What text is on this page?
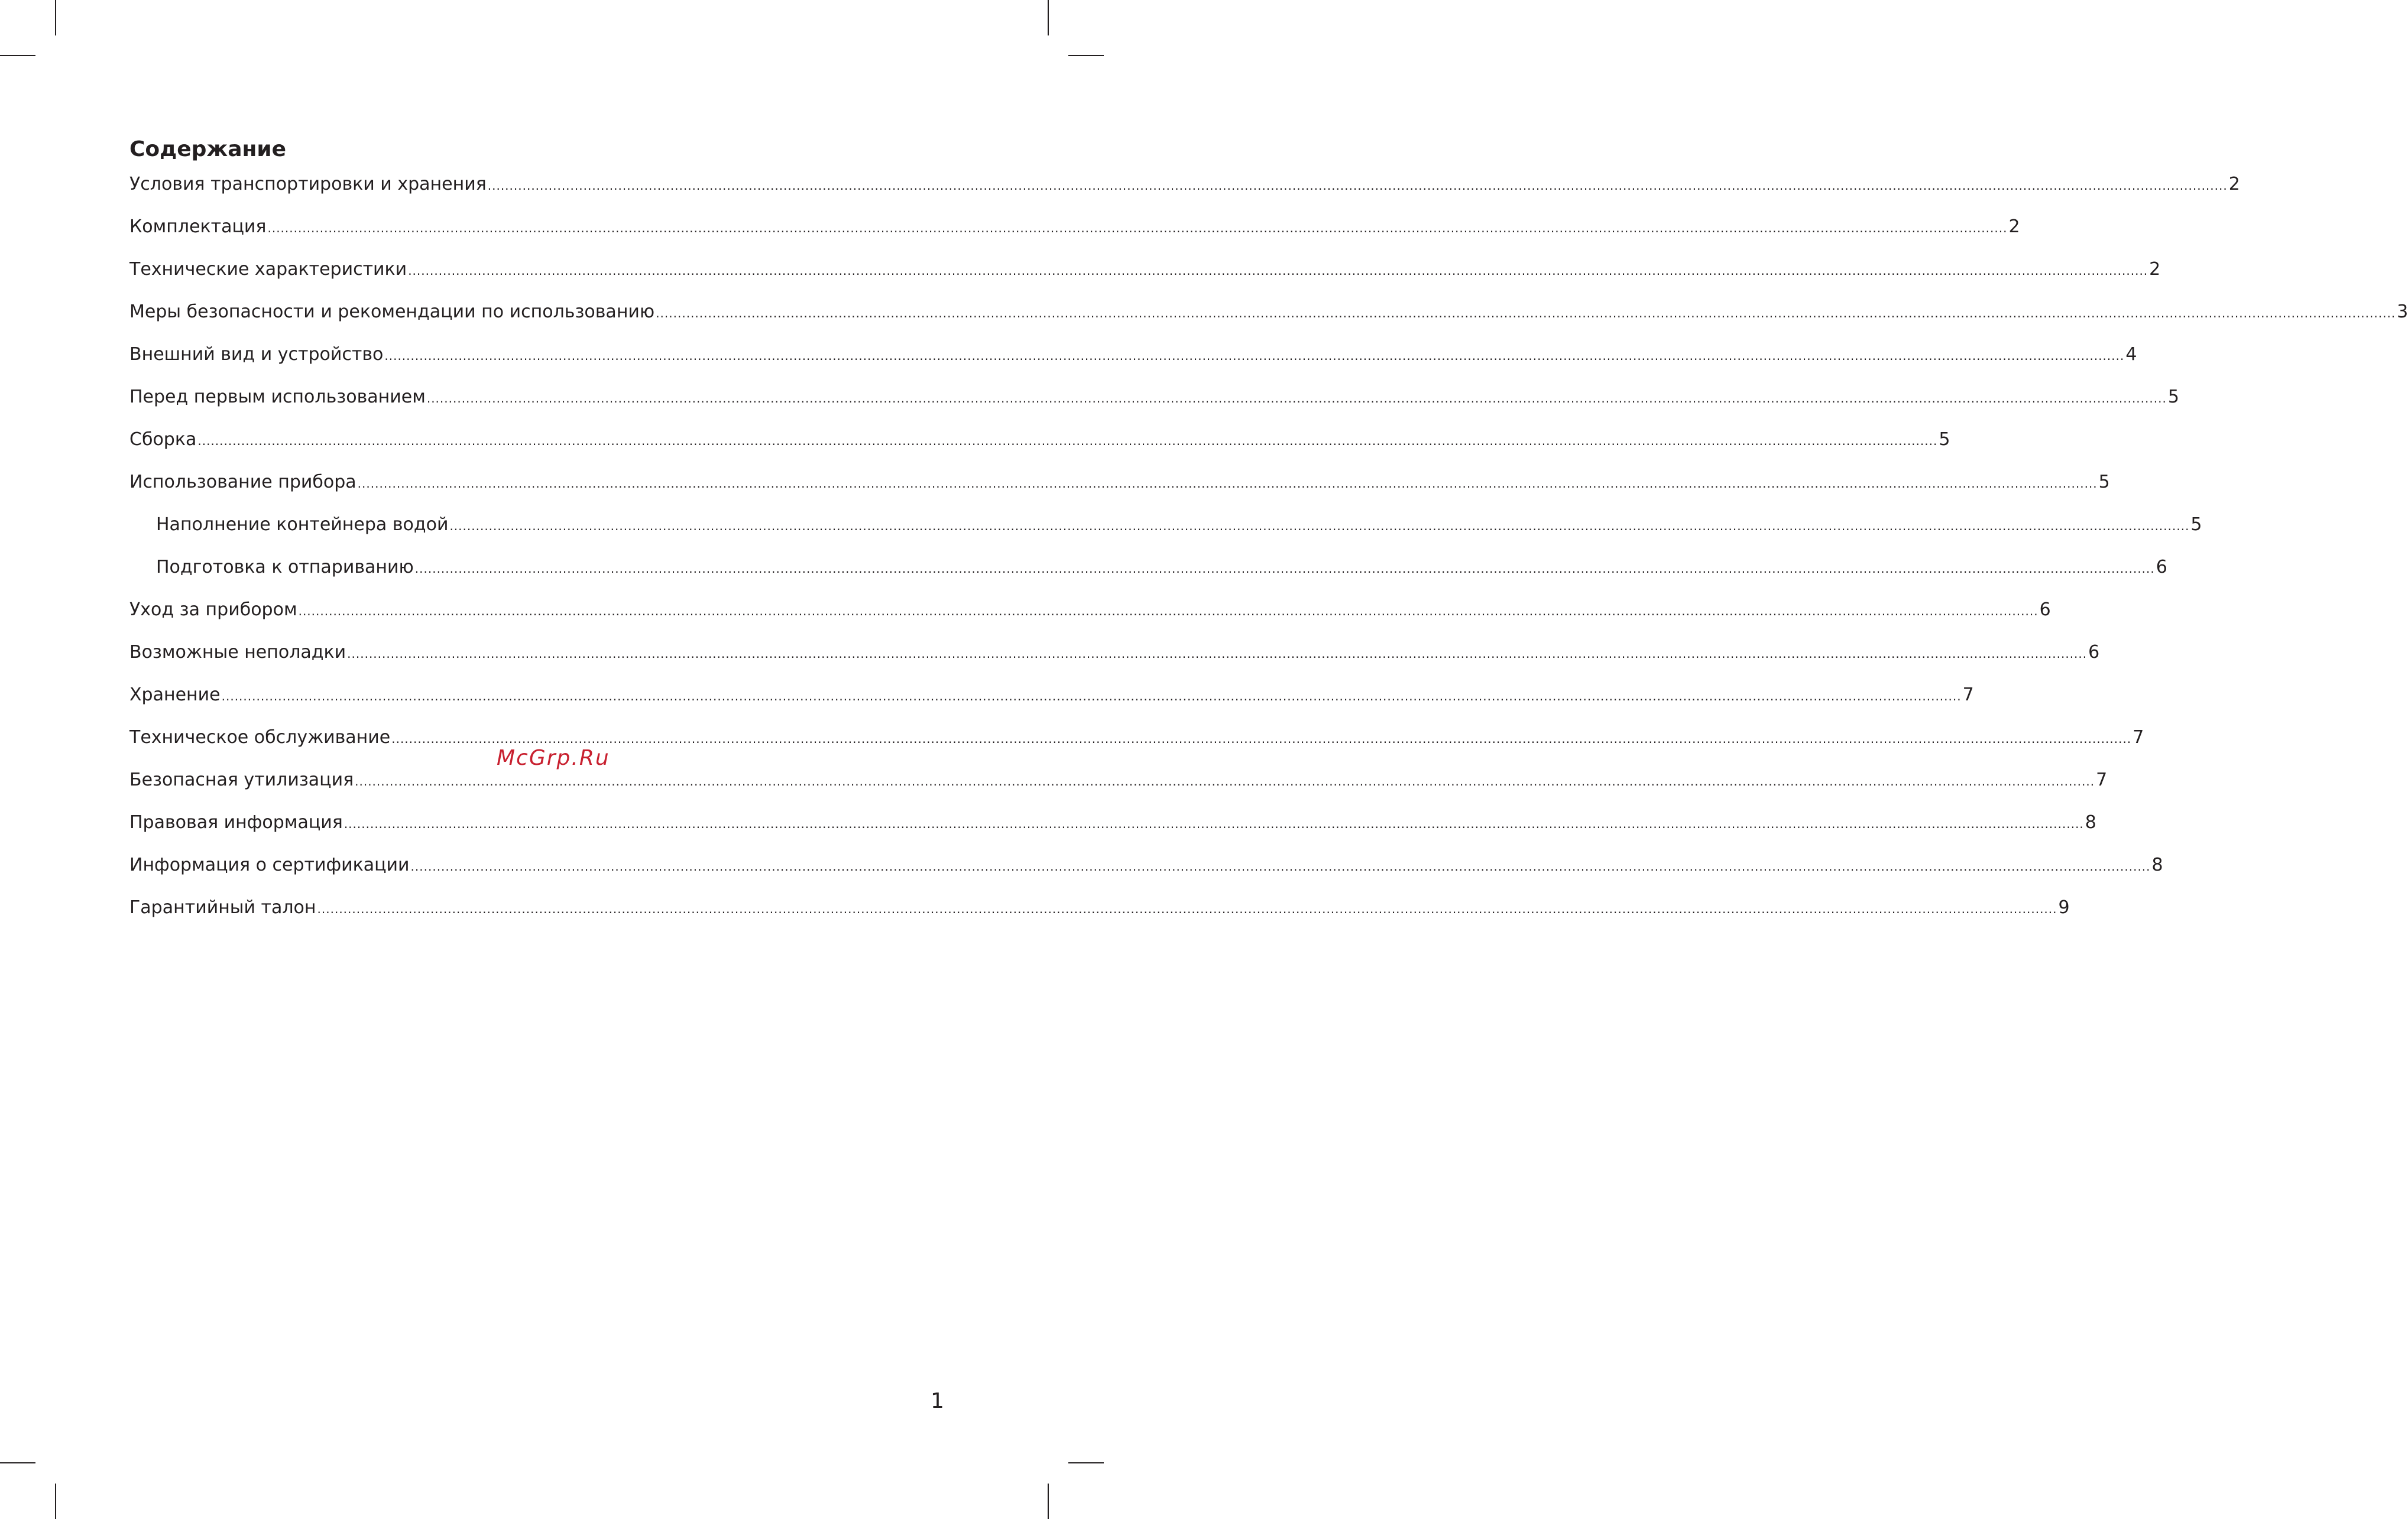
Содержание
Условия транспортировки и хранения ................................................................................................................................................................................................................................................................................................................................................................................................................ 2
Комплектация ................................................................................................................................................................................................................................................................................................................................................................................................................ 2
Технические характеристики ................................................................................................................................................................................................................................................................................................................................................................................................................ 2
Меры безопасности и рекомендации по использованию ................................................................................................................................................................................................................................................................................................................................................................................................................ 3
Внешний вид и устройство ................................................................................................................................................................................................................................................................................................................................................................................................................ 4
Перед первым использованием ................................................................................................................................................................................................................................................................................................................................................................................................................ 5
Сборка ................................................................................................................................................................................................................................................................................................................................................................................................................ 5
Использование прибора ................................................................................................................................................................................................................................................................................................................................................................................................................ 5
Наполнение контейнера водой ................................................................................................................................................................................................................................................................................................................................................................................................................ 5
Подготовка к отпариванию ................................................................................................................................................................................................................................................................................................................................................................................................................ 6
Уход за прибором ................................................................................................................................................................................................................................................................................................................................................................................................................ 6
Возможные неполадки ................................................................................................................................................................................................................................................................................................................................................................................................................ 6
Хранение ................................................................................................................................................................................................................................................................................................................................................................................................................ 7
Техническое обслуживание ................................................................................................................................................................................................................................................................................................................................................................................................................ 7
Безопасная утилизация ................................................................................................................................................................................................................................................................................................................................................................................................................ 7
Правовая информация ................................................................................................................................................................................................................................................................................................................................................................................................................ 8
Информация о сертификации ................................................................................................................................................................................................................................................................................................................................................................................................................ 8
Гарантийный талон ................................................................................................................................................................................................................................................................................................................................................................................................................ 9
McGrp.Ru
1
